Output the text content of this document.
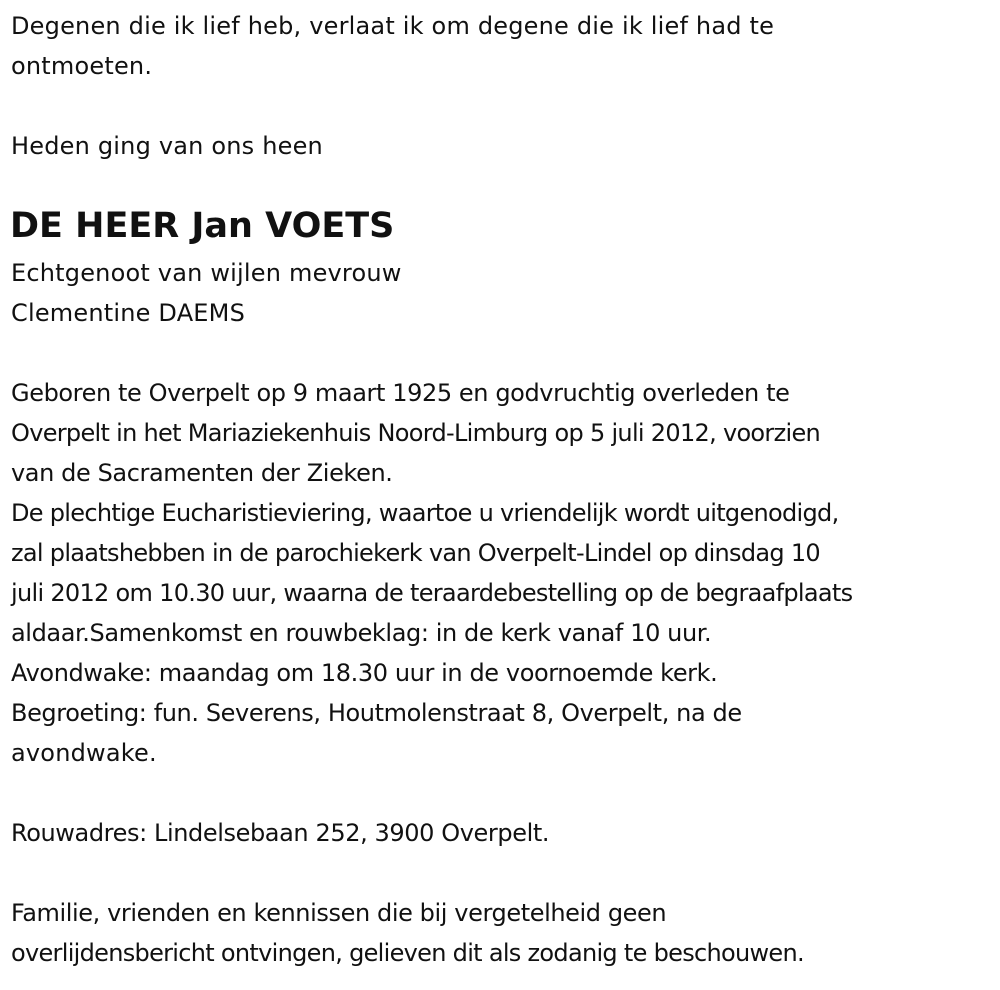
Degenen die ik lief heb, verlaat ik om degene die ik lief had te
ontmoeten.
Heden ging van ons heen
DE HEER Jan VOETS
Echtgenoot van wijlen mevrouw
Clementine DAEMS
Geboren te Overpelt op 9 maart 1925 en godvruchtig overleden te
Overpelt in het Mariaziekenhuis Noord-Limburg op 5 juli 2012, voorzien
van de Sacramenten der Zieken.
De plechtige Eucharistieviering, waartoe u vriendelijk wordt uitgenodigd,
zal plaatshebben in de parochiekerk van Overpelt-Lindel op dinsdag 10
juli 2012 om 10.30 uur, waarna de teraardebestelling op de begraafplaats
aldaar.Samenkomst en rouwbeklag: in de kerk vanaf 10 uur.
Avondwake: maandag om 18.30 uur in de voornoemde kerk.
Begroeting: fun. Severens, Houtmolenstraat 8, Overpelt, na de
avondwake.
Rouwadres: Lindelsebaan 252, 3900 Overpelt.
Familie, vrienden en kennissen die bij vergetelheid geen
overlijdensbericht ontvingen, gelieven dit als zodanig te beschouwen.
